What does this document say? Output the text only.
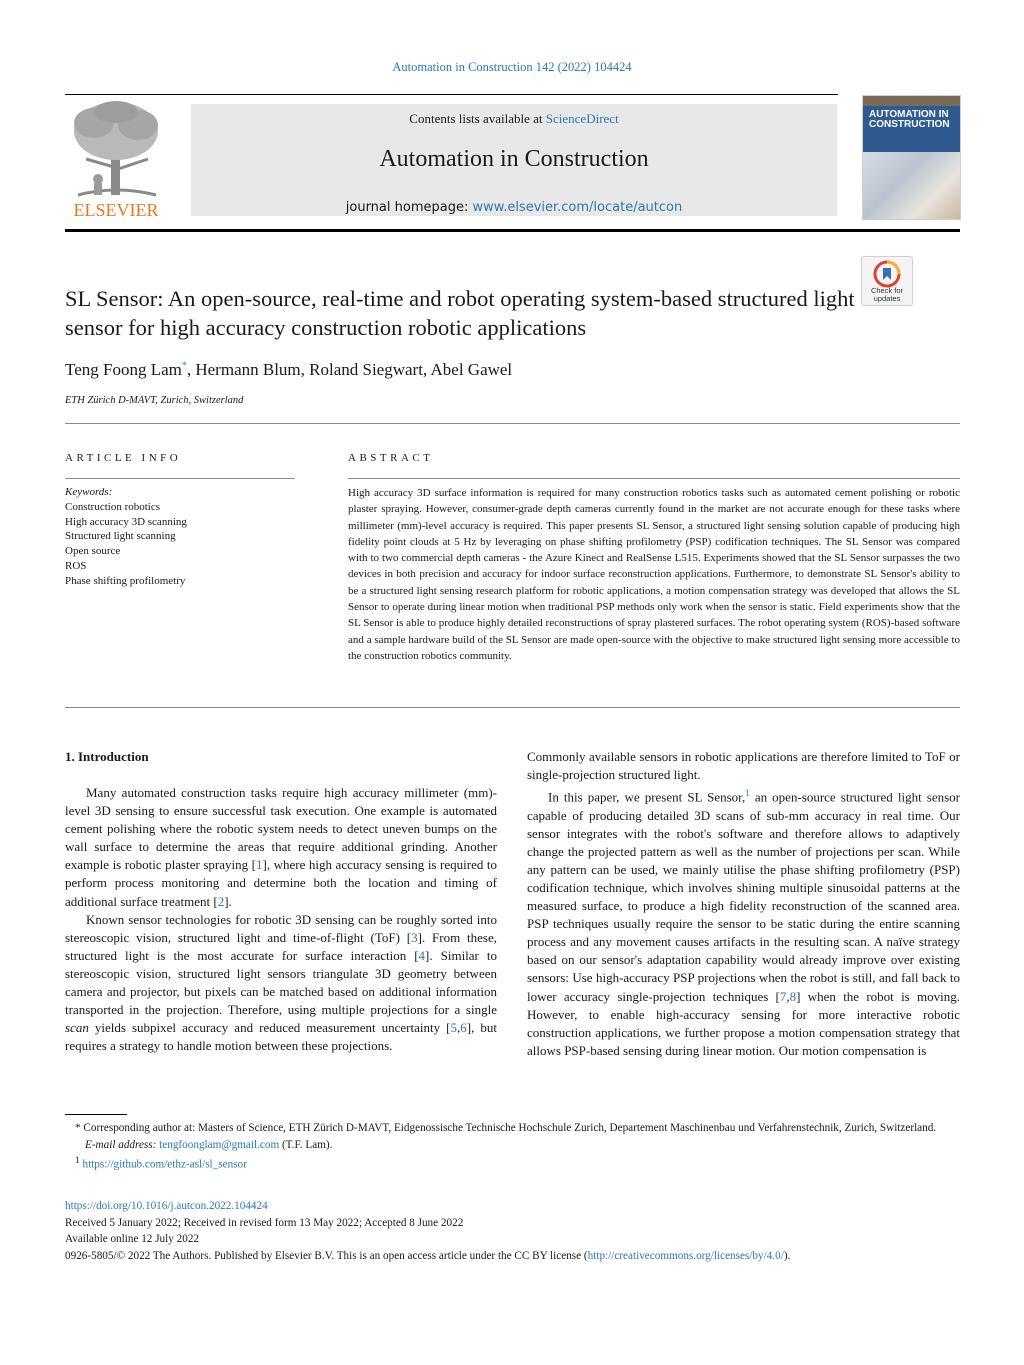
Automation in Construction 142 (2022) 104424
ELSEVIER
Contents lists available at ScienceDirect
Automation in Construction
journal homepage: www.elsevier.com/locate/autcon
AUTOMATION IN CONSTRUCTION
SL Sensor: An open-source, real-time and robot operating system-based structured light sensor for high accuracy construction robotic applications
Check for updates
Teng Foong Lam*, Hermann Blum, Roland Siegwart, Abel Gawel
ETH Zürich D-MAVT, Zurich, Switzerland
ARTICLE INFO
Keywords:
Construction robotics
High accuracy 3D scanning
Structured light scanning
Open source
ROS
Phase shifting profilometry
ABSTRACT
High accuracy 3D surface information is required for many construction robotics tasks such as automated cement polishing or robotic plaster spraying. However, consumer-grade depth cameras currently found in the market are not accurate enough for these tasks where millimeter (mm)-level accuracy is required. This paper presents SL Sensor, a structured light sensing solution capable of producing high fidelity point clouds at 5 Hz by leveraging on phase shifting profilometry (PSP) codification techniques. The SL Sensor was compared with to two commercial depth cameras - the Azure Kinect and RealSense L515. Experiments showed that the SL Sensor surpasses the two devices in both precision and accuracy for indoor surface reconstruction applications. Furthermore, to demonstrate SL Sensor's ability to be a structured light sensing research platform for robotic applications, a motion compensation strategy was developed that allows the SL Sensor to operate during linear motion when traditional PSP methods only work when the sensor is static. Field experiments show that the SL Sensor is able to produce highly detailed reconstructions of spray plastered surfaces. The robot operating system (ROS)-based software and a sample hardware build of the SL Sensor are made open-source with the objective to make structured light sensing more accessible to the construction robotics community.
1. Introduction

Many automated construction tasks require high accuracy millimeter (mm)-level 3D sensing to ensure successful task execution. One example is automated cement polishing where the robotic system needs to detect uneven bumps on the wall surface to determine the areas that require additional grinding. Another example is robotic plaster spraying [1], where high accuracy sensing is required to perform process monitoring and determine both the location and timing of additional surface treatment [2].

Known sensor technologies for robotic 3D sensing can be roughly sorted into stereoscopic vision, structured light and time-of-flight (ToF) [3]. From these, structured light is the most accurate for surface interaction [4]. Similar to stereoscopic vision, structured light sensors triangulate 3D geometry between camera and projector, but pixels can be matched based on additional information transported in the projection. Therefore, using multiple projections for a single scan yields subpixel accuracy and reduced measurement uncertainty [5,6], but requires a strategy to handle motion between these projections.

Commonly available sensors in robotic applications are therefore limited to ToF or single-projection structured light.

In this paper, we present SL Sensor,$^1$ an open-source structured light sensor capable of producing detailed 3D scans of sub-mm accuracy in real time. Our sensor integrates with the robot's software and therefore allows to adaptively change the projected pattern as well as the number of projections per scan. While any pattern can be used, we mainly utilise the phase shifting profilometry (PSP) codification technique, which involves shining multiple sinusoidal patterns at the measured surface, to produce a high fidelity reconstruction of the scanned area. PSP techniques usually require the sensor to be static during the entire scanning process and any movement causes artifacts in the resulting scan. A naïve strategy based on our sensor's adaptation capability would already improve over existing sensors: Use high-accuracy PSP projections when the robot is still, and fall back to lower accuracy single-projection techniques [7,8] when the robot is moving. However, to enable high-accuracy sensing for more interactive robotic construction applications, we further propose a motion compensation strategy that allows PSP-based sensing during linear motion. Our motion compensation is

* Corresponding author at: Masters of Science, ETH Zürich D-MAVT, Eidgenossische Technische Hochschule Zurich, Departement Maschinenbau und Verfahrenstechnik, Zurich, Switzerland.

E-mail address: tengfoonglam@gmail.com (T.F. Lam).

$^1$ https://github.com/ethz-asl/sl_sensor

https://doi.org/10.1016/j.autcon.2022.104424

Received 5 January 2022; Received in revised form 13 May 2022; Accepted 8 June 2022

Available online 12 July 2022

0926-5805/© 2022 The Authors. Published by Elsevier B.V. This is an open access article under the CC BY license (http://creativecommons.org/licenses/by/4.0/).
